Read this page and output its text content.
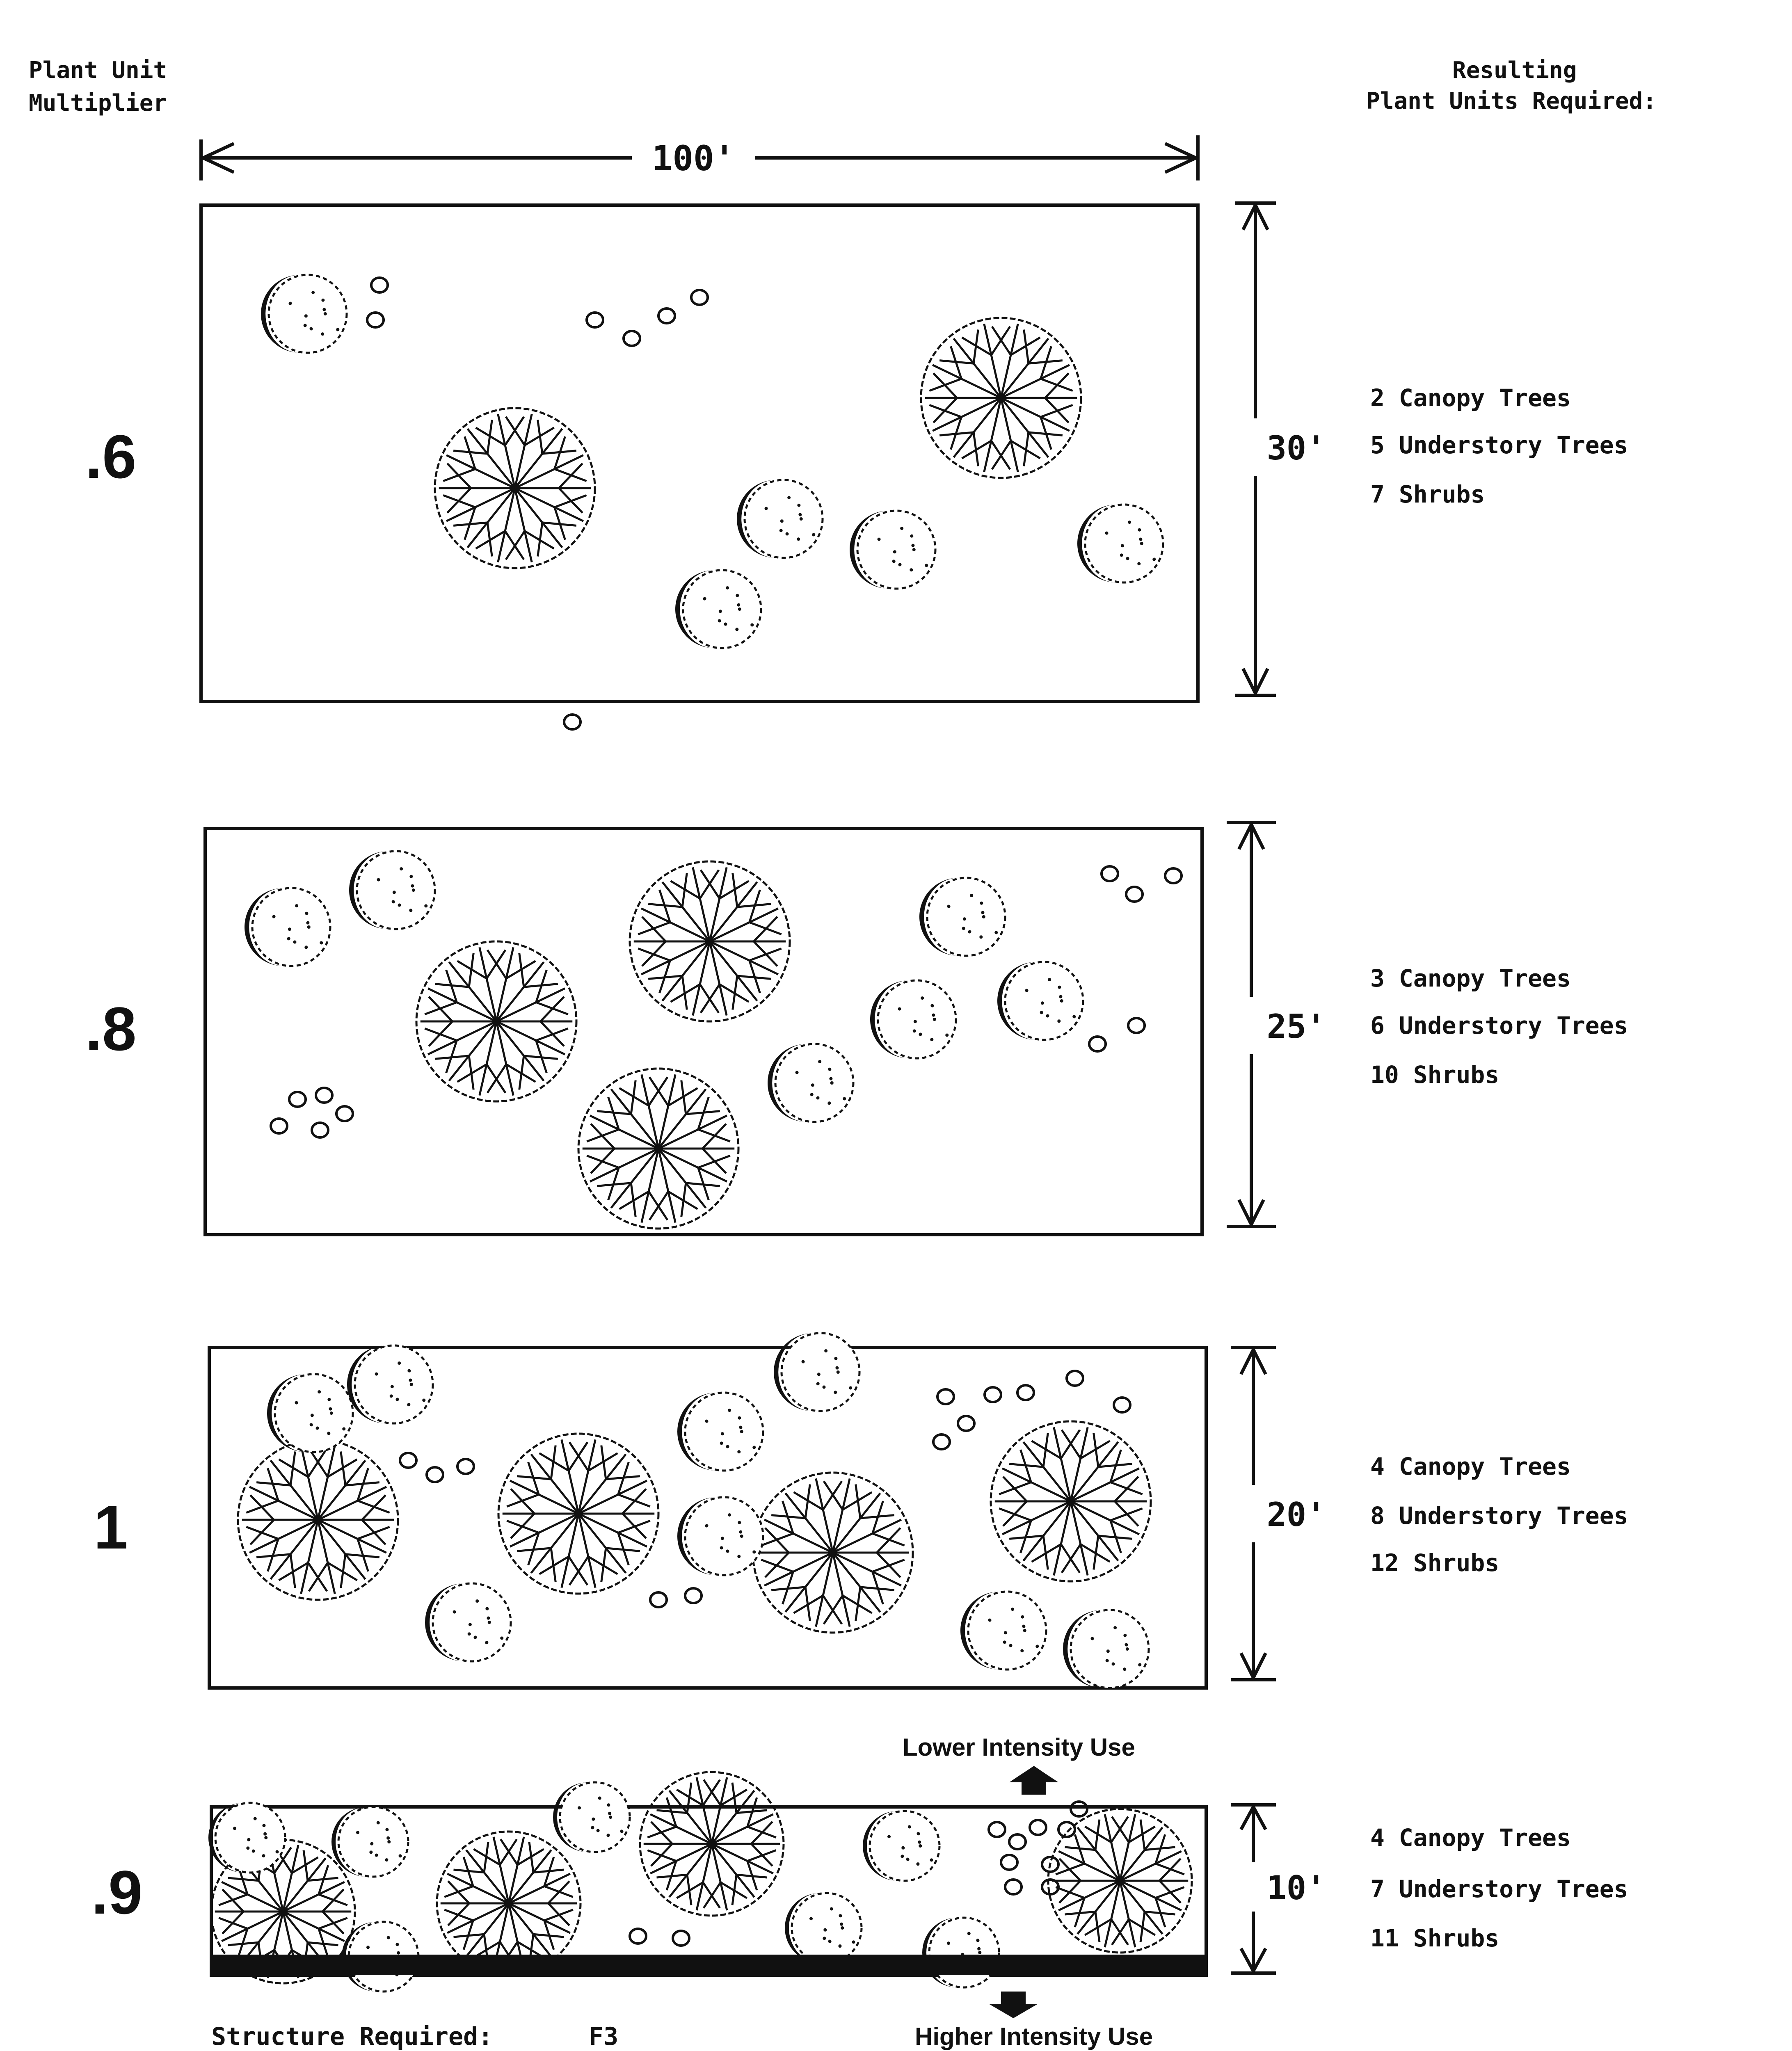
Plant Unit
Multiplier
Resulting
Plant Units Required:
100'
.6	30'
2 Canopy Trees
5 Understory Trees
7 Shrubs
.8	25'
3 Canopy Trees
6 Understory Trees
10 Shrubs
1	20'
4 Canopy Trees
8 Understory Trees
12 Shrubs
.9	10'
4 Canopy Trees
7 Understory Trees
11 Shrubs
Lower Intensity Use
Higher Intensity Use
Structure Required:	F3
